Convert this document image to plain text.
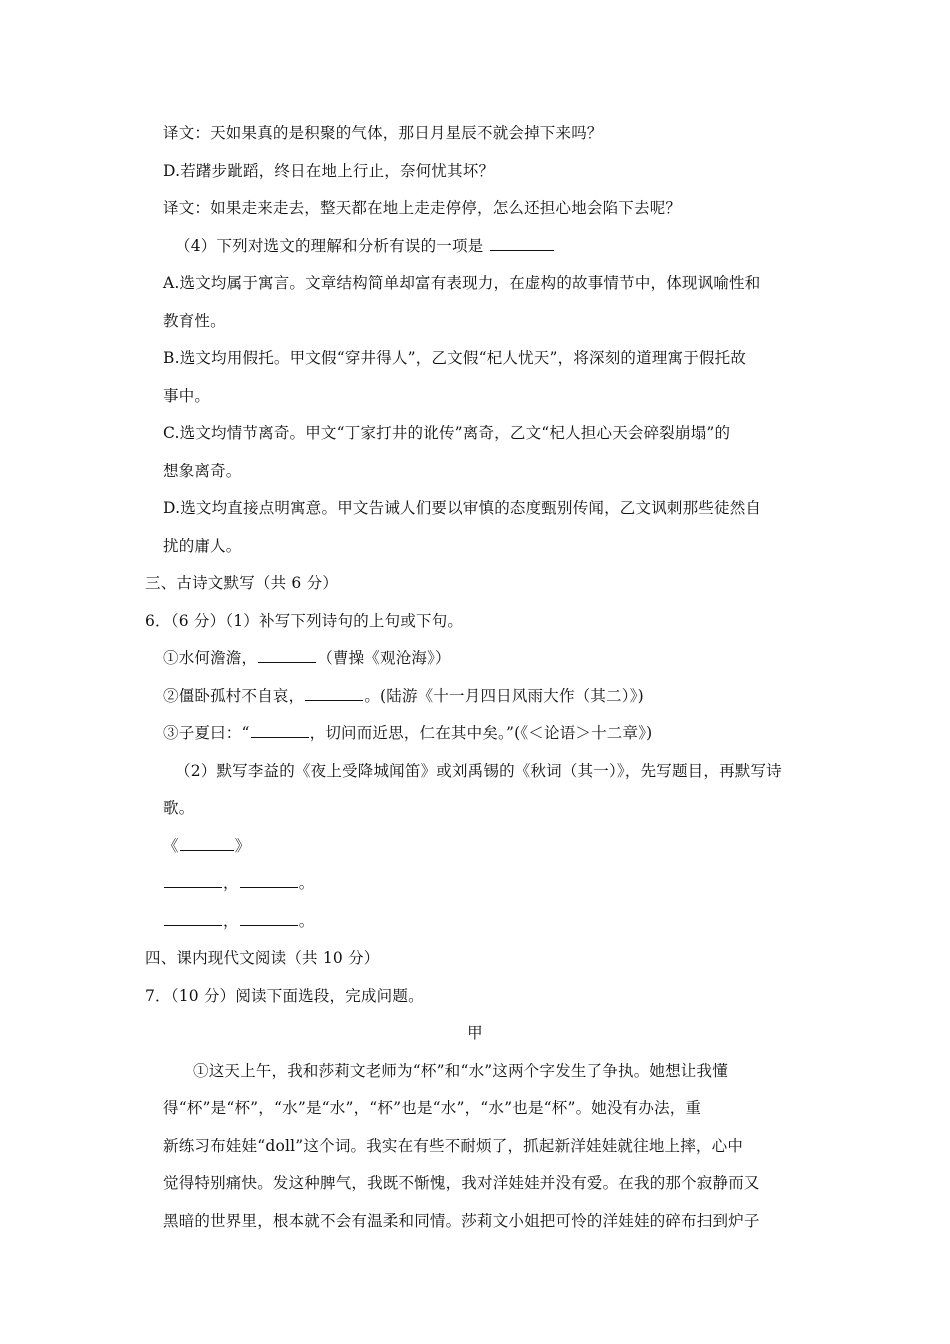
译文：天如果真的是积聚的气体，那日月星辰不就会掉下来吗？
D.若躇步跐蹈，终日在地上行止，奈何忧其坏？
译文：如果走来走去，整天都在地上走走停停，怎么还担心地会陷下去呢？
（4）下列对选文的理解和分析有误的一项是
A.选文均属于寓言。文章结构简单却富有表现力，在虚构的故事情节中，体现讽喻性和
教育性。
B.选文均用假托。甲文假“穿井得人”，乙文假“杞人忧天”，将深刻的道理寓于假托故
事中。
C.选文均情节离奇。甲文“丁家打井的讹传”离奇，乙文“杞人担心天会碎裂崩塌”的
想象离奇。
D.选文均直接点明寓意。甲文告诫人们要以审慎的态度甄别传闻，乙文讽刺那些徒然自
扰的庸人。
三、古诗文默写（共 6 分）
6．（6 分）（1）补写下列诗句的上句或下句。
①水何澹澹，	（曹操《观沧海》）
②僵卧孤村不自哀，	。(陆游《十一月四日风雨大作（其二）》)
③子夏曰：“	，切问而近思，仁在其中矣。”(《＜论语＞十二章》)
（2）默写李益的《夜上受降城闻笛》或刘禹锡的《秋词（其一）》，先写题目，再默写诗
歌。
《	》
，	。
，	。
四、课内现代文阅读（共 10 分）
7．（10 分）阅读下面选段，完成问题。
甲
①这天上午，我和莎莉文老师为“杯”和“水”这两个字发生了争执。她想让我懂
得“杯”是“杯”，“水”是“水”，“杯”也是“水”，“水”也是“杯”。她没有办法，重
新练习布娃娃“doll”这个词。我实在有些不耐烦了，抓起新洋娃娃就往地上摔，心中
觉得特别痛快。发这种脾气，我既不惭愧，我对洋娃娃并没有爱。在我的那个寂静而又
黑暗的世界里，根本就不会有温柔和同情。莎莉文小姐把可怜的洋娃娃的碎布扫到炉子
